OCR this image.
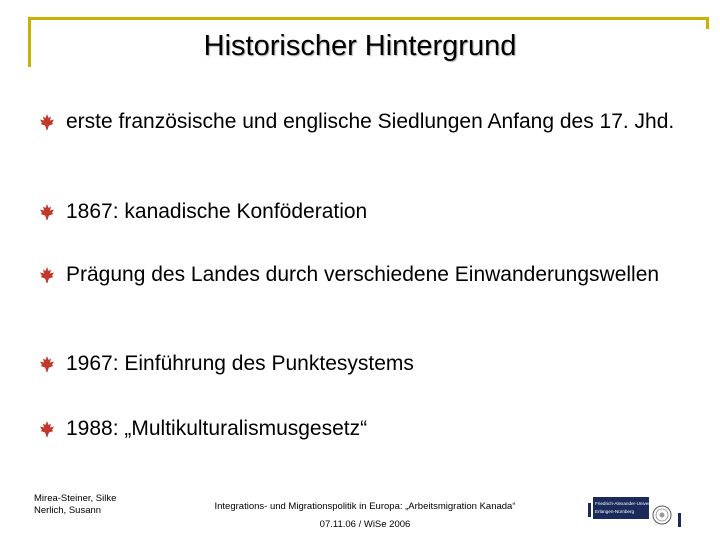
Historischer Hintergrund
erste französische und englische Siedlungen Anfang des 17. Jhd.
1867: kanadische Konföderation
Prägung des Landes durch verschiedene Einwanderungswellen
1967: Einführung des Punktesystems
1988: „Multikulturalismusgesetz“
Mirea-Steiner, Silke
Nerlich, Susann	Integrations- und Migrationspolitik in Europa: „Arbeitsmigration Kanada“
07.11.06 / WiSe 2006
Friedrich-Alexander-Universität
Erlangen-Nürnberg
